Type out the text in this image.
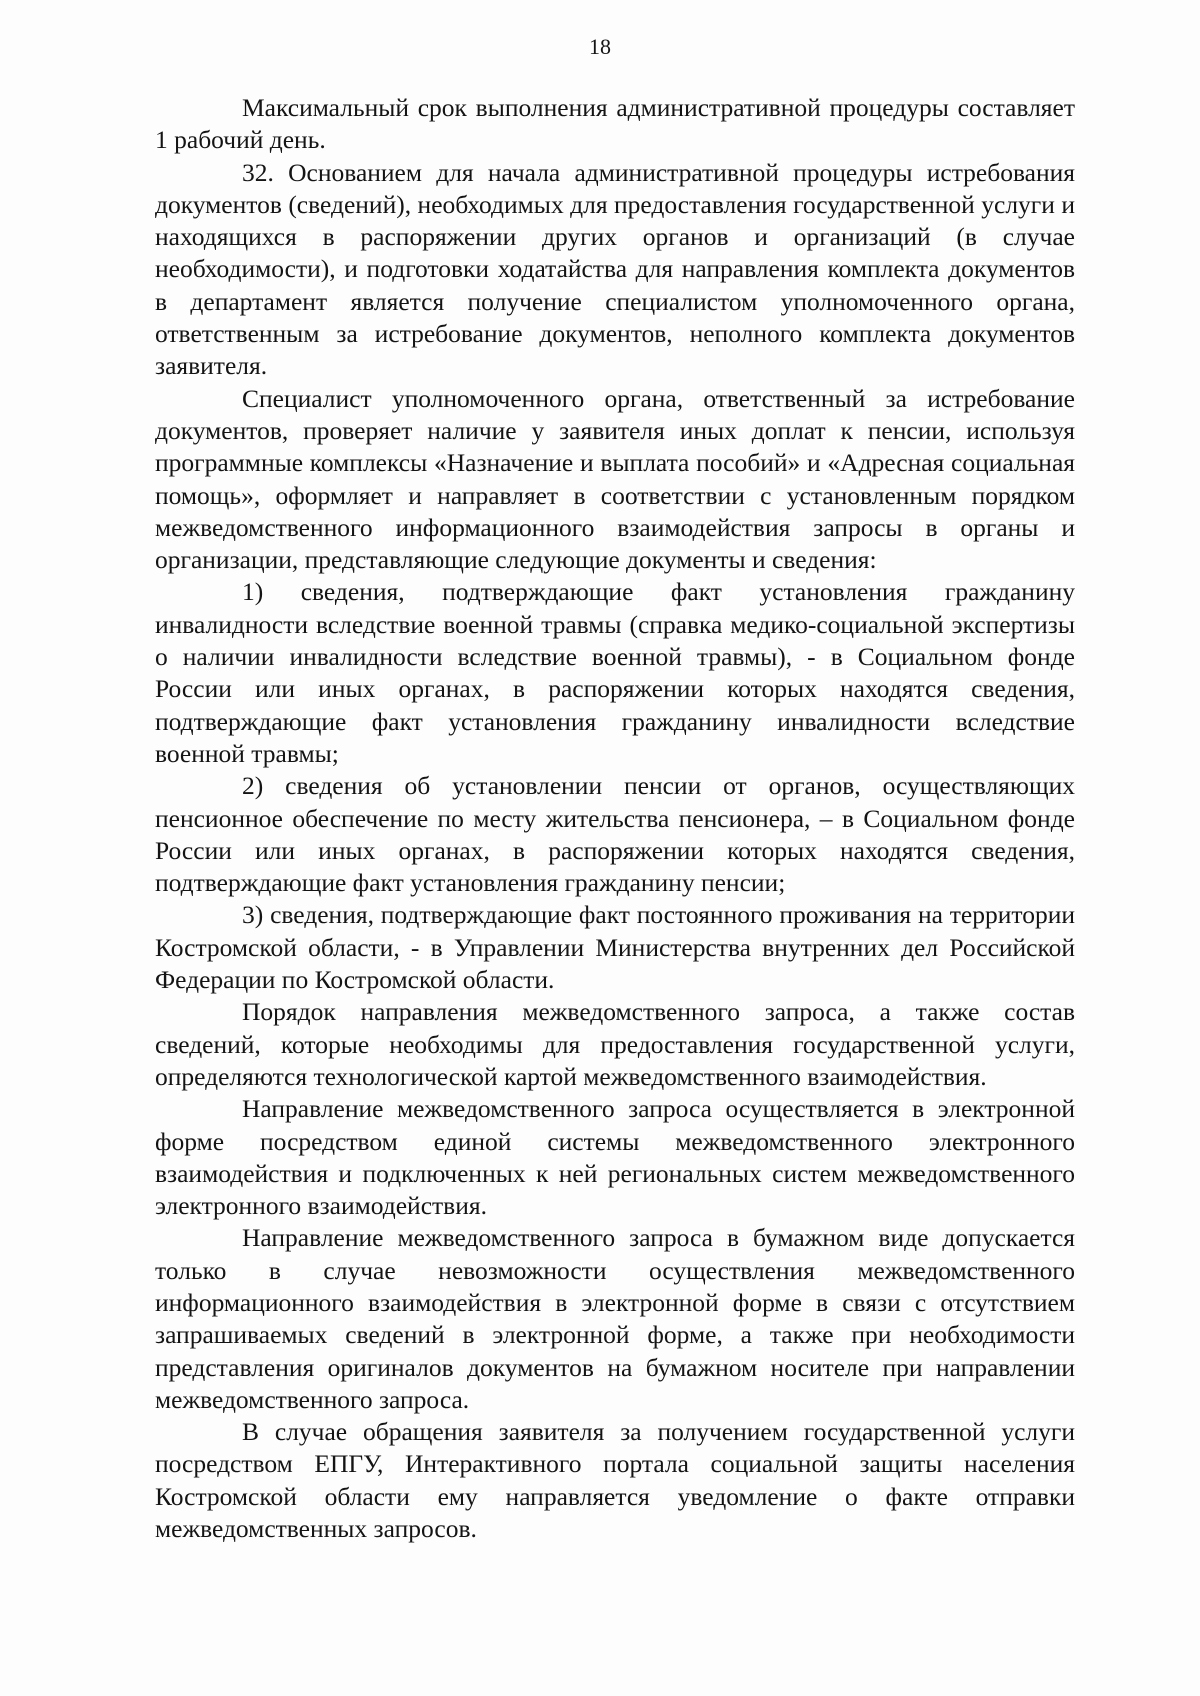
18

Максимальный срок выполнения административной процедуры составляет 1 рабочий день.

32. Основанием для начала административной процедуры истребования документов (сведений), необходимых для предоставления государственной услуги и находящихся в распоряжении других органов и организаций (в случае необходимости), и подготовки ходатайства для направления комплекта документов в департамент является получение специалистом уполномоченного органа, ответственным за истребование документов, неполного комплекта документов заявителя.

Специалист уполномоченного органа, ответственный за истребование документов, проверяет наличие у заявителя иных доплат к пенсии, используя программные комплексы «Назначение и выплата пособий» и «Адресная социальная помощь», оформляет и направляет в соответствии с установленным порядком межведомственного информационного взаимодействия запросы в органы и организации, представляющие следующие документы и сведения:

1) сведения, подтверждающие факт установления гражданину инвалидности вследствие военной травмы (справка медико-социальной экспертизы о наличии инвалидности вследствие военной травмы), - в Социальном фонде России или иных органах, в распоряжении которых находятся сведения, подтверждающие факт установления гражданину инвалидности вследствие военной травмы;

2) сведения об установлении пенсии от органов, осуществляющих пенсионное обеспечение по месту жительства пенсионера, – в Социальном фонде России или иных органах, в распоряжении которых находятся сведения, подтверждающие факт установления гражданину пенсии;

3) сведения, подтверждающие факт постоянного проживания на территории Костромской области, - в Управлении Министерства внутренних дел Российской Федерации по Костромской области.

Порядок направления межведомственного запроса, а также состав сведений, которые необходимы для предоставления государственной услуги, определяются технологической картой межведомственного взаимодействия.

Направление межведомственного запроса осуществляется в электронной форме посредством единой системы межведомственного электронного взаимодействия и подключенных к ней региональных систем межведомственного электронного взаимодействия.

Направление межведомственного запроса в бумажном виде допускается только в случае невозможности осуществления межведомственного информационного взаимодействия в электронной форме в связи с отсутствием запрашиваемых сведений в электронной форме, а также при необходимости представления оригиналов документов на бумажном носителе при направлении межведомственного запроса.

В случае обращения заявителя за получением государственной услуги посредством ЕПГУ, Интерактивного портала социальной защиты населения Костромской области ему направляется уведомление о факте отправки межведомственных запросов.
